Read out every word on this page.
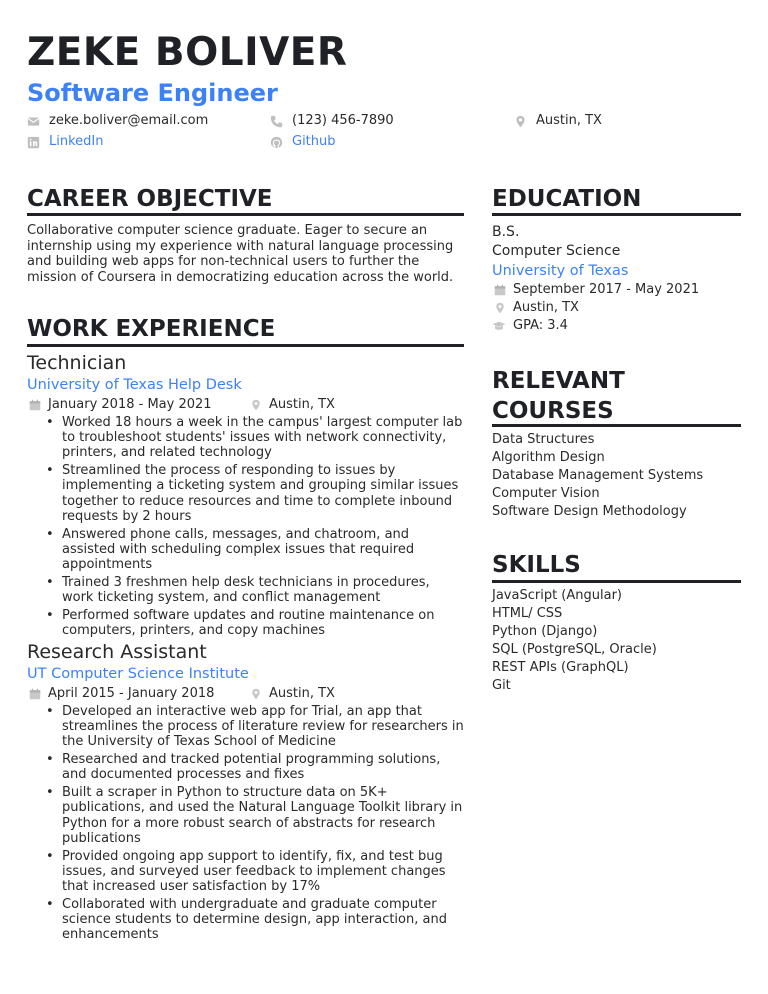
ZEKE BOLIVER
Software Engineer
zeke.boliver@email.com	(123) 456-7890	Austin, TX
LinkedIn	Github
CAREER OBJECTIVE
Collaborative computer science graduate. Eager to secure an internship using my experience with natural language processing and building web apps for non-technical users to further the mission of Coursera in democratizing education across the world.
WORK EXPERIENCE
Technician
University of Texas Help Desk
January 2018 - May 2021	Austin, TX
• Worked 18 hours a week in the campus' largest computer lab to troubleshoot students' issues with network connectivity, printers, and related technology
• Streamlined the process of responding to issues by implementing a ticketing system and grouping similar issues together to reduce resources and time to complete inbound requests by 2 hours
• Answered phone calls, messages, and chatroom, and assisted with scheduling complex issues that required appointments
• Trained 3 freshmen help desk technicians in procedures, work ticketing system, and conflict management
• Performed software updates and routine maintenance on computers, printers, and copy machines
Research Assistant
UT Computer Science Institute
April 2015 - January 2018	Austin, TX
• Developed an interactive web app for Trial, an app that streamlines the process of literature review for researchers in the University of Texas School of Medicine
• Researched and tracked potential programming solutions, and documented processes and fixes
• Built a scraper in Python to structure data on 5K+ publications, and used the Natural Language Toolkit library in Python for a more robust search of abstracts for research publications
• Provided ongoing app support to identify, fix, and test bug issues, and surveyed user feedback to implement changes that increased user satisfaction by 17%
• Collaborated with undergraduate and graduate computer science students to determine design, app interaction, and enhancements
EDUCATION
B.S.
Computer Science
University of Texas
September 2017 - May 2021
Austin, TX
GPA: 3.4
RELEVANT
COURSES
Data Structures
Algorithm Design
Database Management Systems
Computer Vision
Software Design Methodology
SKILLS
JavaScript (Angular)
HTML/ CSS
Python (Django)
SQL (PostgreSQL, Oracle)
REST APIs (GraphQL)
Git
